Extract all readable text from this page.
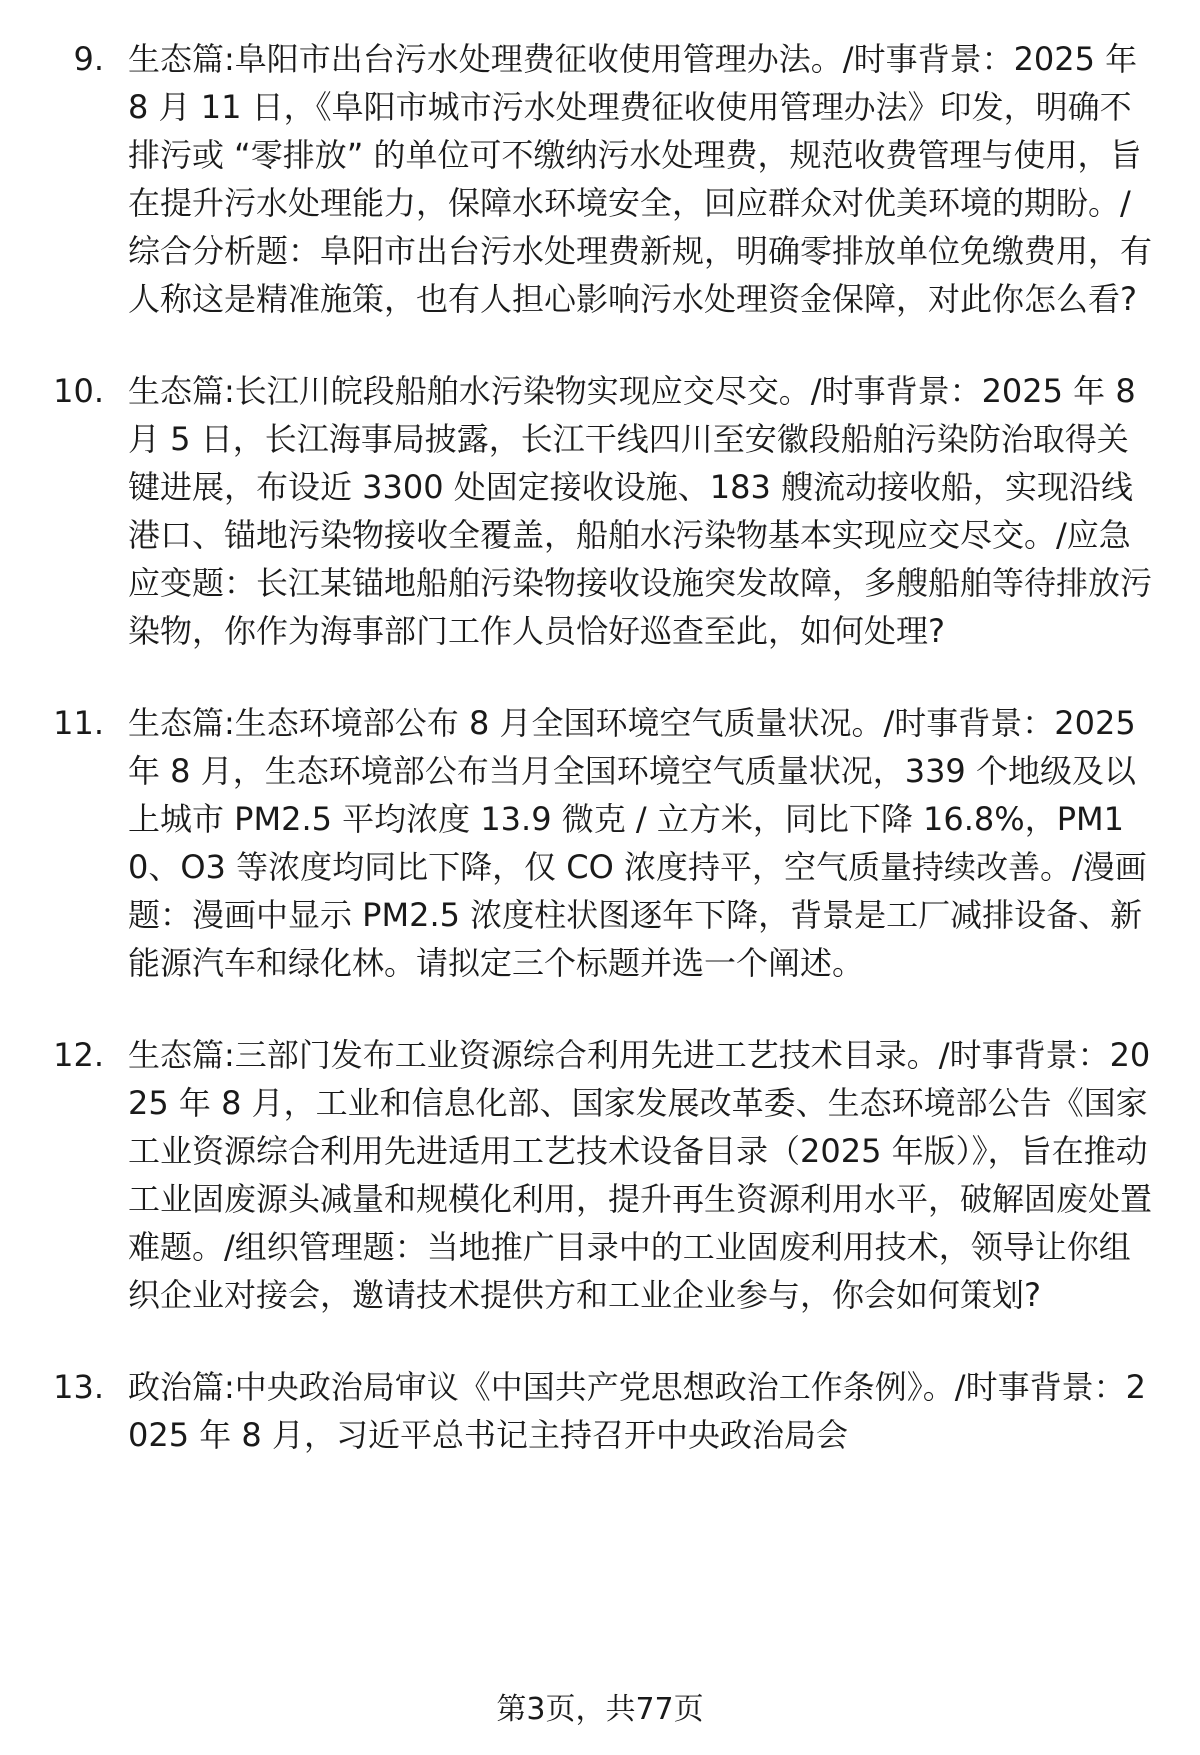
9. 生态篇:阜阳市出台污水处理费征收使用管理办法。/时事背景：2025 年 8 月 11 日，《阜阳市城市污水处理费征收使用管理办法》印发，明确不排污或 “零排放” 的单位可不缴纳污水处理费，规范收费管理与使用，旨在提升污水处理能力，保障水环境安全，回应群众对优美环境的期盼。/综合分析题：阜阳市出台污水处理费新规，明确零排放单位免缴费用，有人称这是精准施策，也有人担心影响污水处理资金保障，对此你怎么看?
10. 生态篇:长江川皖段船舶水污染物实现应交尽交。/时事背景：2025 年 8 月 5 日，长江海事局披露，长江干线四川至安徽段船舶污染防治取得关键进展，布设近 3300 处固定接收设施、183 艘流动接收船，实现沿线港口、锚地污染物接收全覆盖，船舶水污染物基本实现应交尽交。/应急应变题：长江某锚地船舶污染物接收设施突发故障，多艘船舶等待排放污染物，你作为海事部门工作人员恰好巡查至此，如何处理?
11. 生态篇:生态环境部公布 8 月全国环境空气质量状况。/时事背景：2025 年 8 月，生态环境部公布当月全国环境空气质量状况，339 个地级及以上城市 PM2.5 平均浓度 13.9 微克 / 立方米，同比下降 16.8%，PM10、O3 等浓度均同比下降，仅 CO 浓度持平，空气质量持续改善。/漫画题：漫画中显示 PM2.5 浓度柱状图逐年下降，背景是工厂减排设备、新能源汽车和绿化林。请拟定三个标题并选一个阐述。
12. 生态篇:三部门发布工业资源综合利用先进工艺技术目录。/时事背景：2025 年 8 月，工业和信息化部、国家发展改革委、生态环境部公告《国家工业资源综合利用先进适用工艺技术设备目录（2025 年版）》，旨在推动工业固废源头减量和规模化利用，提升再生资源利用水平，破解固废处置难题。/组织管理题：当地推广目录中的工业固废利用技术，领导让你组织企业对接会，邀请技术提供方和工业企业参与，你会如何策划?
13. 政治篇:中央政治局审议《中国共产党思想政治工作条例》。/时事背景：2025 年 8 月，习近平总书记主持召开中央政治局会
第3页，共77页
